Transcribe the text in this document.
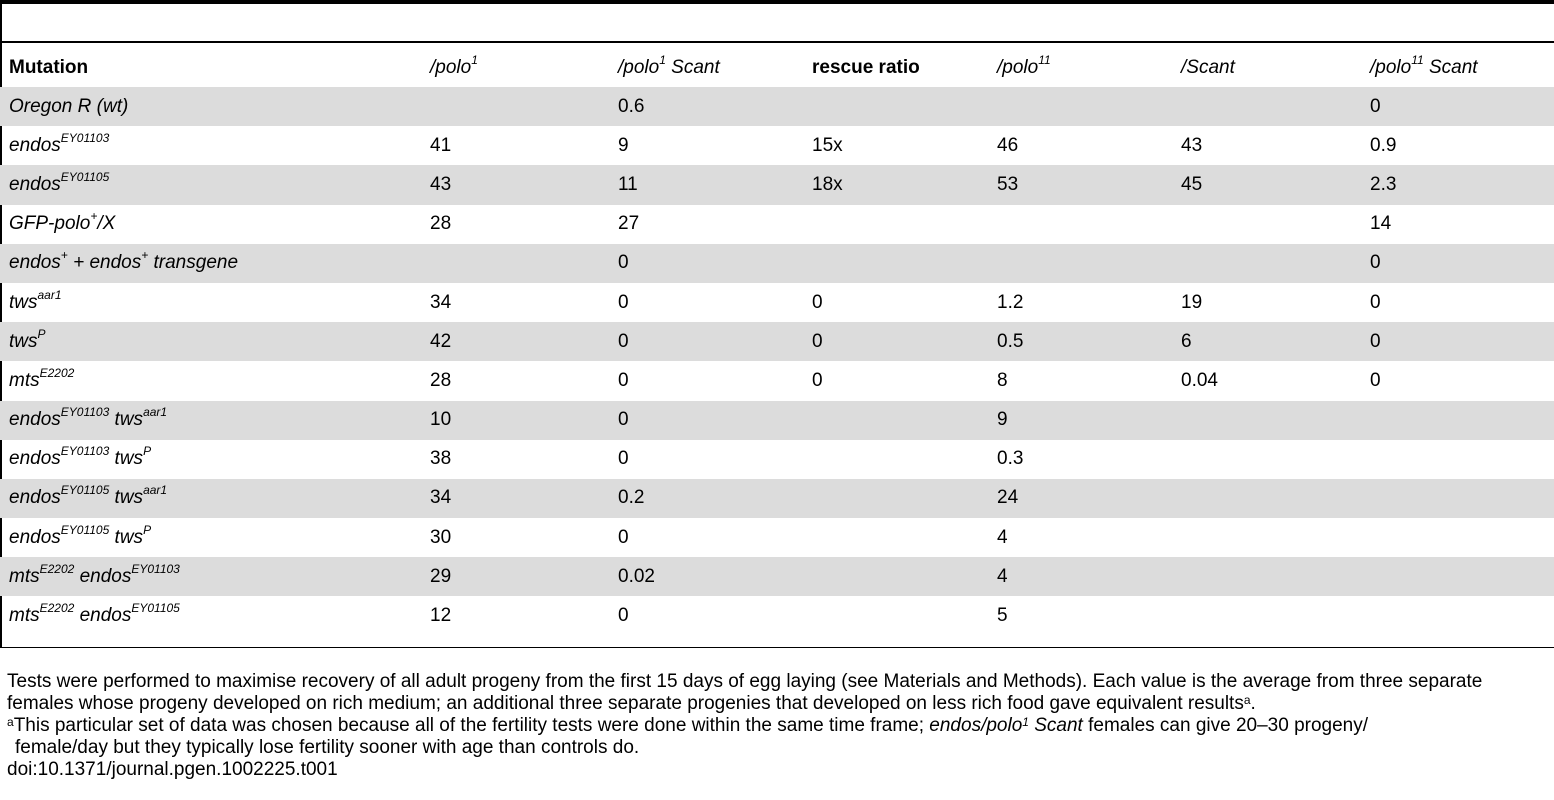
Mutation	/polo$^1$	/polo$^1$ Scant	rescue ratio	/polo$^{11}$	/Scant	/polo$^{11}$ Scant
Oregon R (wt)		0.6				0
endos$^{EY01103}$	41	9	15x	46	43	0.9
endos$^{EY01105}$	43	11	18x	53	45	2.3
GFP-polo+/X	28	27				14
endos+ + endos+ transgene		0				0
tws$^{aar1}$	34	0	0	1.2	19	0
tws$^P$	42	0	0	0.5	6	0
mts$^{E2202}$	28	0	0	8	0.04	0
endos$^{EY01103}$ tws$^{aar1}$	10	0		9		
endos$^{EY01103}$ tws$^P$	38	0		0.3		
endos$^{EY01105}$ tws$^{aar1}$	34	0.2		24		
endos$^{EY01105}$ tws$^P$	30	0		4		
mts$^{E2202}$ endos$^{EY01103}$	29	0.02		4		
mts$^{E2202}$ endos$^{EY01105}$	12	0		5		
Tests were performed to maximise recovery of all adult progeny from the first 15 days of egg laying (see Materials and Methods). Each value is the average from three separate females whose progeny developed on rich medium; an additional three separate progenies that developed on less rich food gave equivalent results$^a$.
$^a$This particular set of data was chosen because all of the fertility tests were done within the same time frame; endos/polo$^1$ Scant females can give 20–30 progeny/
female/day but they typically lose fertility sooner with age than controls do.
doi:10.1371/journal.pgen.1002225.t001
